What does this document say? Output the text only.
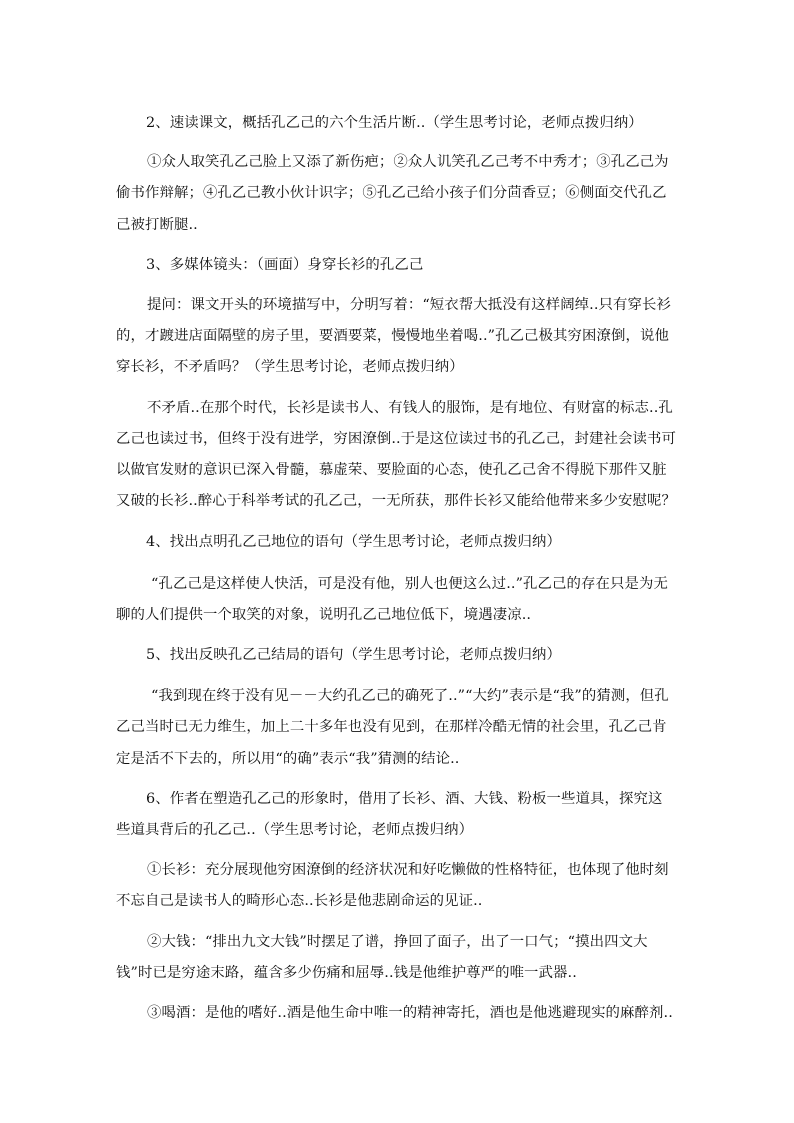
2、速读课文，概括孔乙己的六个生活片断..（学生思考讨论，老师点拨归纳）

①众人取笑孔乙己脸上又添了新伤疤；②众人讥笑孔乙己考不中秀才；③孔乙己为偷书作辩解；④孔乙己教小伙计识字；⑤孔乙己给小孩子们分茴香豆；⑥侧面交代孔乙己被打断腿..

3、多媒体镜头：（画面）身穿长衫的孔乙己

提问：课文开头的环境描写中，分明写着：“短衣帮大抵没有这样阔绰..只有穿长衫的，才踱进店面隔壁的房子里，要酒要菜，慢慢地坐着喝..”孔乙己极其穷困潦倒，说他穿长衫，不矛盾吗？（学生思考讨论，老师点拨归纳）

不矛盾..在那个时代，长衫是读书人、有钱人的服饰，是有地位、有财富的标志..孔乙己也读过书，但终于没有进学，穷困潦倒..于是这位读过书的孔乙己，封建社会读书可以做官发财的意识已深入骨髓，慕虚荣、要脸面的心态，使孔乙己舍不得脱下那件又脏又破的长衫..醉心于科举考试的孔乙己，一无所获，那件长衫又能给他带来多少安慰呢？

4、找出点明孔乙己地位的语句（学生思考讨论，老师点拨归纳）

“孔乙己是这样使人快活，可是没有他，别人也便这么过..”孔乙己的存在只是为无聊的人们提供一个取笑的对象，说明孔乙己地位低下，境遇凄凉..

5、找出反映孔乙己结局的语句（学生思考讨论，老师点拨归纳）

“我到现在终于没有见－－大约孔乙己的确死了..”“大约”表示是“我”的猜测，但孔乙己当时已无力维生，加上二十多年也没有见到，在那样冷酷无情的社会里，孔乙己肯定是活不下去的，所以用“的确”表示“我”猜测的结论..

6、作者在塑造孔乙己的形象时，借用了长衫、酒、大钱、粉板一些道具，探究这些道具背后的孔乙己..（学生思考讨论，老师点拨归纳）

①长衫：充分展现他穷困潦倒的经济状况和好吃懒做的性格特征，也体现了他时刻不忘自己是读书人的畸形心态..长衫是他悲剧命运的见证..

②大钱：“排出九文大钱”时摆足了谱，挣回了面子，出了一口气；“摸出四文大钱”时已是穷途末路，蕴含多少伤痛和屈辱..钱是他维护尊严的唯一武器..

③喝酒：是他的嗜好..酒是他生命中唯一的精神寄托，酒也是他逃避现实的麻醉剂..
